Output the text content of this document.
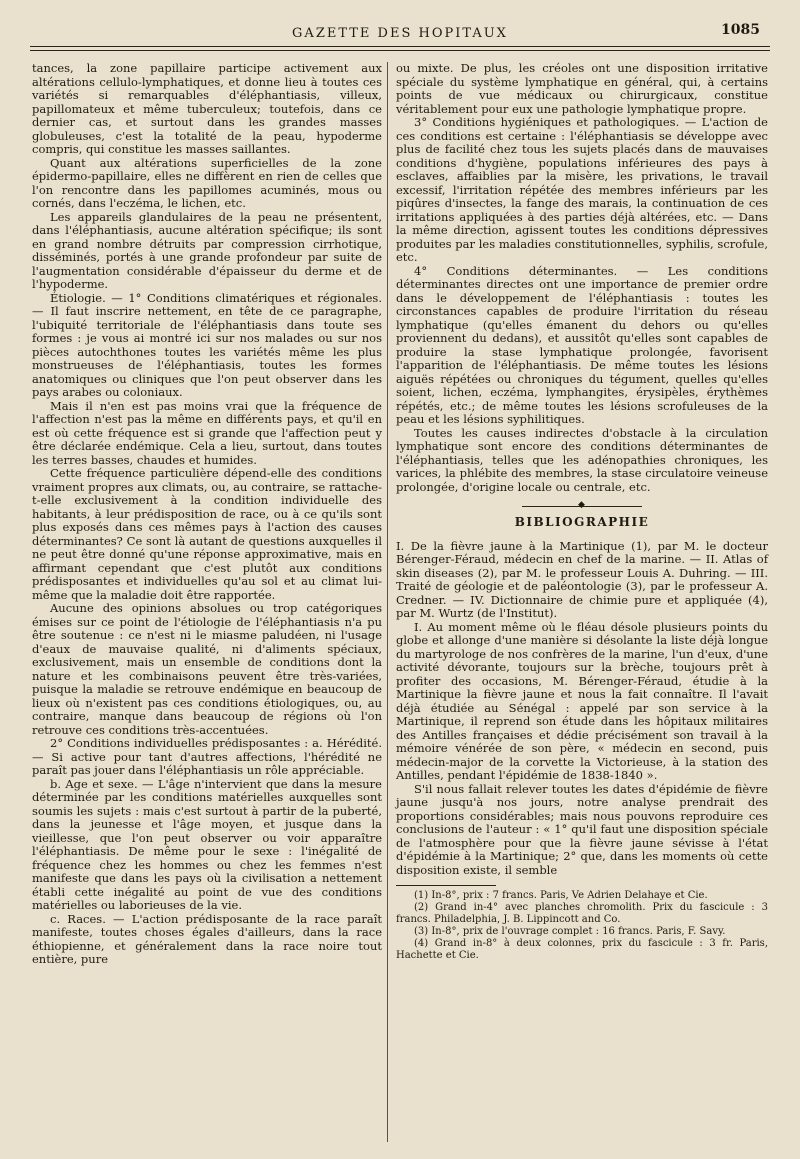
GAZETTE DES HOPITAUX	1085

tances, la zone papillaire participe activement aux altérations cellulo-lymphatiques, et donne lieu à toutes ces variétés si remarquables d'éléphantiasis, villeux, papillomateux et même tuberculeux; toutefois, dans ce dernier cas, et surtout dans les grandes masses globuleuses, c'est la totalité de la peau, hypoderme compris, qui constitue les masses saillantes.

Quant aux altérations superficielles de la zone épidermo-papillaire, elles ne diffèrent en rien de celles que l'on rencontre dans les papillomes acuminés, mous ou cornés, dans l'eczéma, le lichen, etc.

Les appareils glandulaires de la peau ne présentent, dans l'éléphantiasis, aucune altération spécifique; ils sont en grand nombre détruits par compression cirrhotique, disséminés, portés à une grande profondeur par suite de l'augmentation considérable d'épaisseur du derme et de l'hypoderme.

Étiologie. — 1° Conditions climatériques et régionales. — Il faut inscrire nettement, en tête de ce paragraphe, l'ubiquité territoriale de l'éléphantiasis dans toute ses formes : je vous ai montré ici sur nos malades ou sur nos pièces autochthones toutes les variétés même les plus monstrueuses de l'éléphantiasis, toutes les formes anatomiques ou cliniques que l'on peut observer dans les pays arabes ou coloniaux.

Mais il n'en est pas moins vrai que la fréquence de l'affection n'est pas la même en différents pays, et qu'il en est où cette fréquence est si grande que l'affection peut y être déclarée endémique. Cela a lieu, surtout, dans toutes les terres basses, chaudes et humides.

Cette fréquence particulière dépend-elle des conditions vraiment propres aux climats, ou, au contraire, se rattache-t-elle exclusivement à la condition individuelle des habitants, à leur prédisposition de race, ou à ce qu'ils sont plus exposés dans ces mêmes pays à l'action des causes déterminantes? Ce sont là autant de questions auxquelles il ne peut être donné qu'une réponse approximative, mais en affirmant cependant que c'est plutôt aux conditions prédisposantes et individuelles qu'au sol et au climat lui-même que la maladie doit être rapportée.

Aucune des opinions absolues ou trop catégoriques émises sur ce point de l'étiologie de l'éléphantiasis n'a pu être soutenue : ce n'est ni le miasme paludéen, ni l'usage d'eaux de mauvaise qualité, ni d'aliments spéciaux, exclusivement, mais un ensemble de conditions dont la nature et les combinaisons peuvent être très-variées, puisque la maladie se retrouve endémique en beaucoup de lieux où n'existent pas ces conditions étiologiques, ou, au contraire, manque dans beaucoup de régions où l'on retrouve ces conditions très-accentuées.

2° Conditions individuelles prédisposantes : a. Hérédité. — Si active pour tant d'autres affections, l'hérédité ne paraît pas jouer dans l'éléphantiasis un rôle appréciable.

b. Age et sexe. — L'âge n'intervient que dans la mesure déterminée par les conditions matérielles auxquelles sont soumis les sujets : mais c'est surtout à partir de la puberté, dans la jeunesse et l'âge moyen, et jusque dans la vieillesse, que l'on peut observer ou voir apparaître l'éléphantiasis. De même pour le sexe : l'inégalité de fréquence chez les hommes ou chez les femmes n'est manifeste que dans les pays où la civilisation a nettement établi cette inégalité au point de vue des conditions matérielles ou laborieuses de la vie.

c. Races. — L'action prédisposante de la race paraît manifeste, toutes choses égales d'ailleurs, dans la race éthiopienne, et généralement dans la race noire tout entière, pure

ou mixte. De plus, les créoles ont une disposition irritative spéciale du système lymphatique en général, qui, à certains points de vue médicaux ou chirurgicaux, constitue véritablement pour eux une pathologie lymphatique propre.

3° Conditions hygiéniques et pathologiques. — L'action de ces conditions est certaine : l'éléphantiasis se développe avec plus de facilité chez tous les sujets placés dans de mauvaises conditions d'hygiène, populations inférieures des pays à esclaves, affaiblies par la misère, les privations, le travail excessif, l'irritation répétée des membres inférieurs par les piqûres d'insectes, la fange des marais, la continuation de ces irritations appliquées à des parties déjà altérées, etc. — Dans la même direction, agissent toutes les conditions dépressives produites par les maladies constitutionnelles, syphilis, scrofule, etc.

4° Conditions déterminantes. — Les conditions déterminantes directes ont une importance de premier ordre dans le développement de l'éléphantiasis : toutes les circonstances capables de produire l'irritation du réseau lymphatique (qu'elles émanent du dehors ou qu'elles proviennent du dedans), et aussitôt qu'elles sont capables de produire la stase lymphatique prolongée, favorisent l'apparition de l'éléphantiasis. De même toutes les lésions aiguës répétées ou chroniques du tégument, quelles qu'elles soient, lichen, eczéma, lymphangites, érysipèles, érythèmes répétés, etc.; de même toutes les lésions scrofuleuses de la peau et les lésions syphilitiques.

Toutes les causes indirectes d'obstacle à la circulation lymphatique sont encore des conditions déterminantes de l'éléphantiasis, telles que les adénopathies chroniques, les varices, la phlébite des membres, la stase circulatoire veineuse prolongée, d'origine locale ou centrale, etc.

◆
BIBLIOGRAPHIE

I. De la fièvre jaune à la Martinique (1), par M. le docteur Bérenger-Féraud, médecin en chef de la marine. — II. Atlas of skin diseases (2), par M. le professeur Louis A. Duhring. — III. Traité de géologie et de paléontologie (3), par le professeur A. Credner. — IV. Dictionnaire de chimie pure et appliquée (4), par M. Wurtz (de l'Institut).

I. Au moment même où le fléau désole plusieurs points du globe et allonge d'une manière si désolante la liste déjà longue du martyrologe de nos confrères de la marine, l'un d'eux, d'une activité dévorante, toujours sur la brèche, toujours prêt à profiter des occasions, M. Bérenger-Féraud, étudie à la Martinique la fièvre jaune et nous la fait connaître. Il l'avait déjà étudiée au Sénégal : appelé par son service à la Martinique, il reprend son étude dans les hôpitaux militaires des Antilles françaises et dédie précisément son travail à la mémoire vénérée de son père, « médecin en second, puis médecin-major de la corvette la Victorieuse, à la station des Antilles, pendant l'épidémie de 1838-1840 ».

S'il nous fallait relever toutes les dates d'épidémie de fièvre jaune jusqu'à nos jours, notre analyse prendrait des proportions considérables; mais nous pouvons reproduire ces conclusions de l'auteur : « 1° qu'il faut une disposition spéciale de l'atmosphère pour que la fièvre jaune sévisse à l'état d'épidémie à la Martinique; 2° que, dans les moments où cette disposition existe, il semble

(1) In-8°, prix : 7 francs. Paris, Ve Adrien Delahaye et Cie.

(2) Grand in-4° avec planches chromolith. Prix du fascicule : 3 francs. Philadelphia, J. B. Lippincott and Co.

(3) In-8°, prix de l'ouvrage complet : 16 francs. Paris, F. Savy.

(4) Grand in-8° à deux colonnes, prix du fascicule : 3 fr. Paris, Hachette et Cie.
